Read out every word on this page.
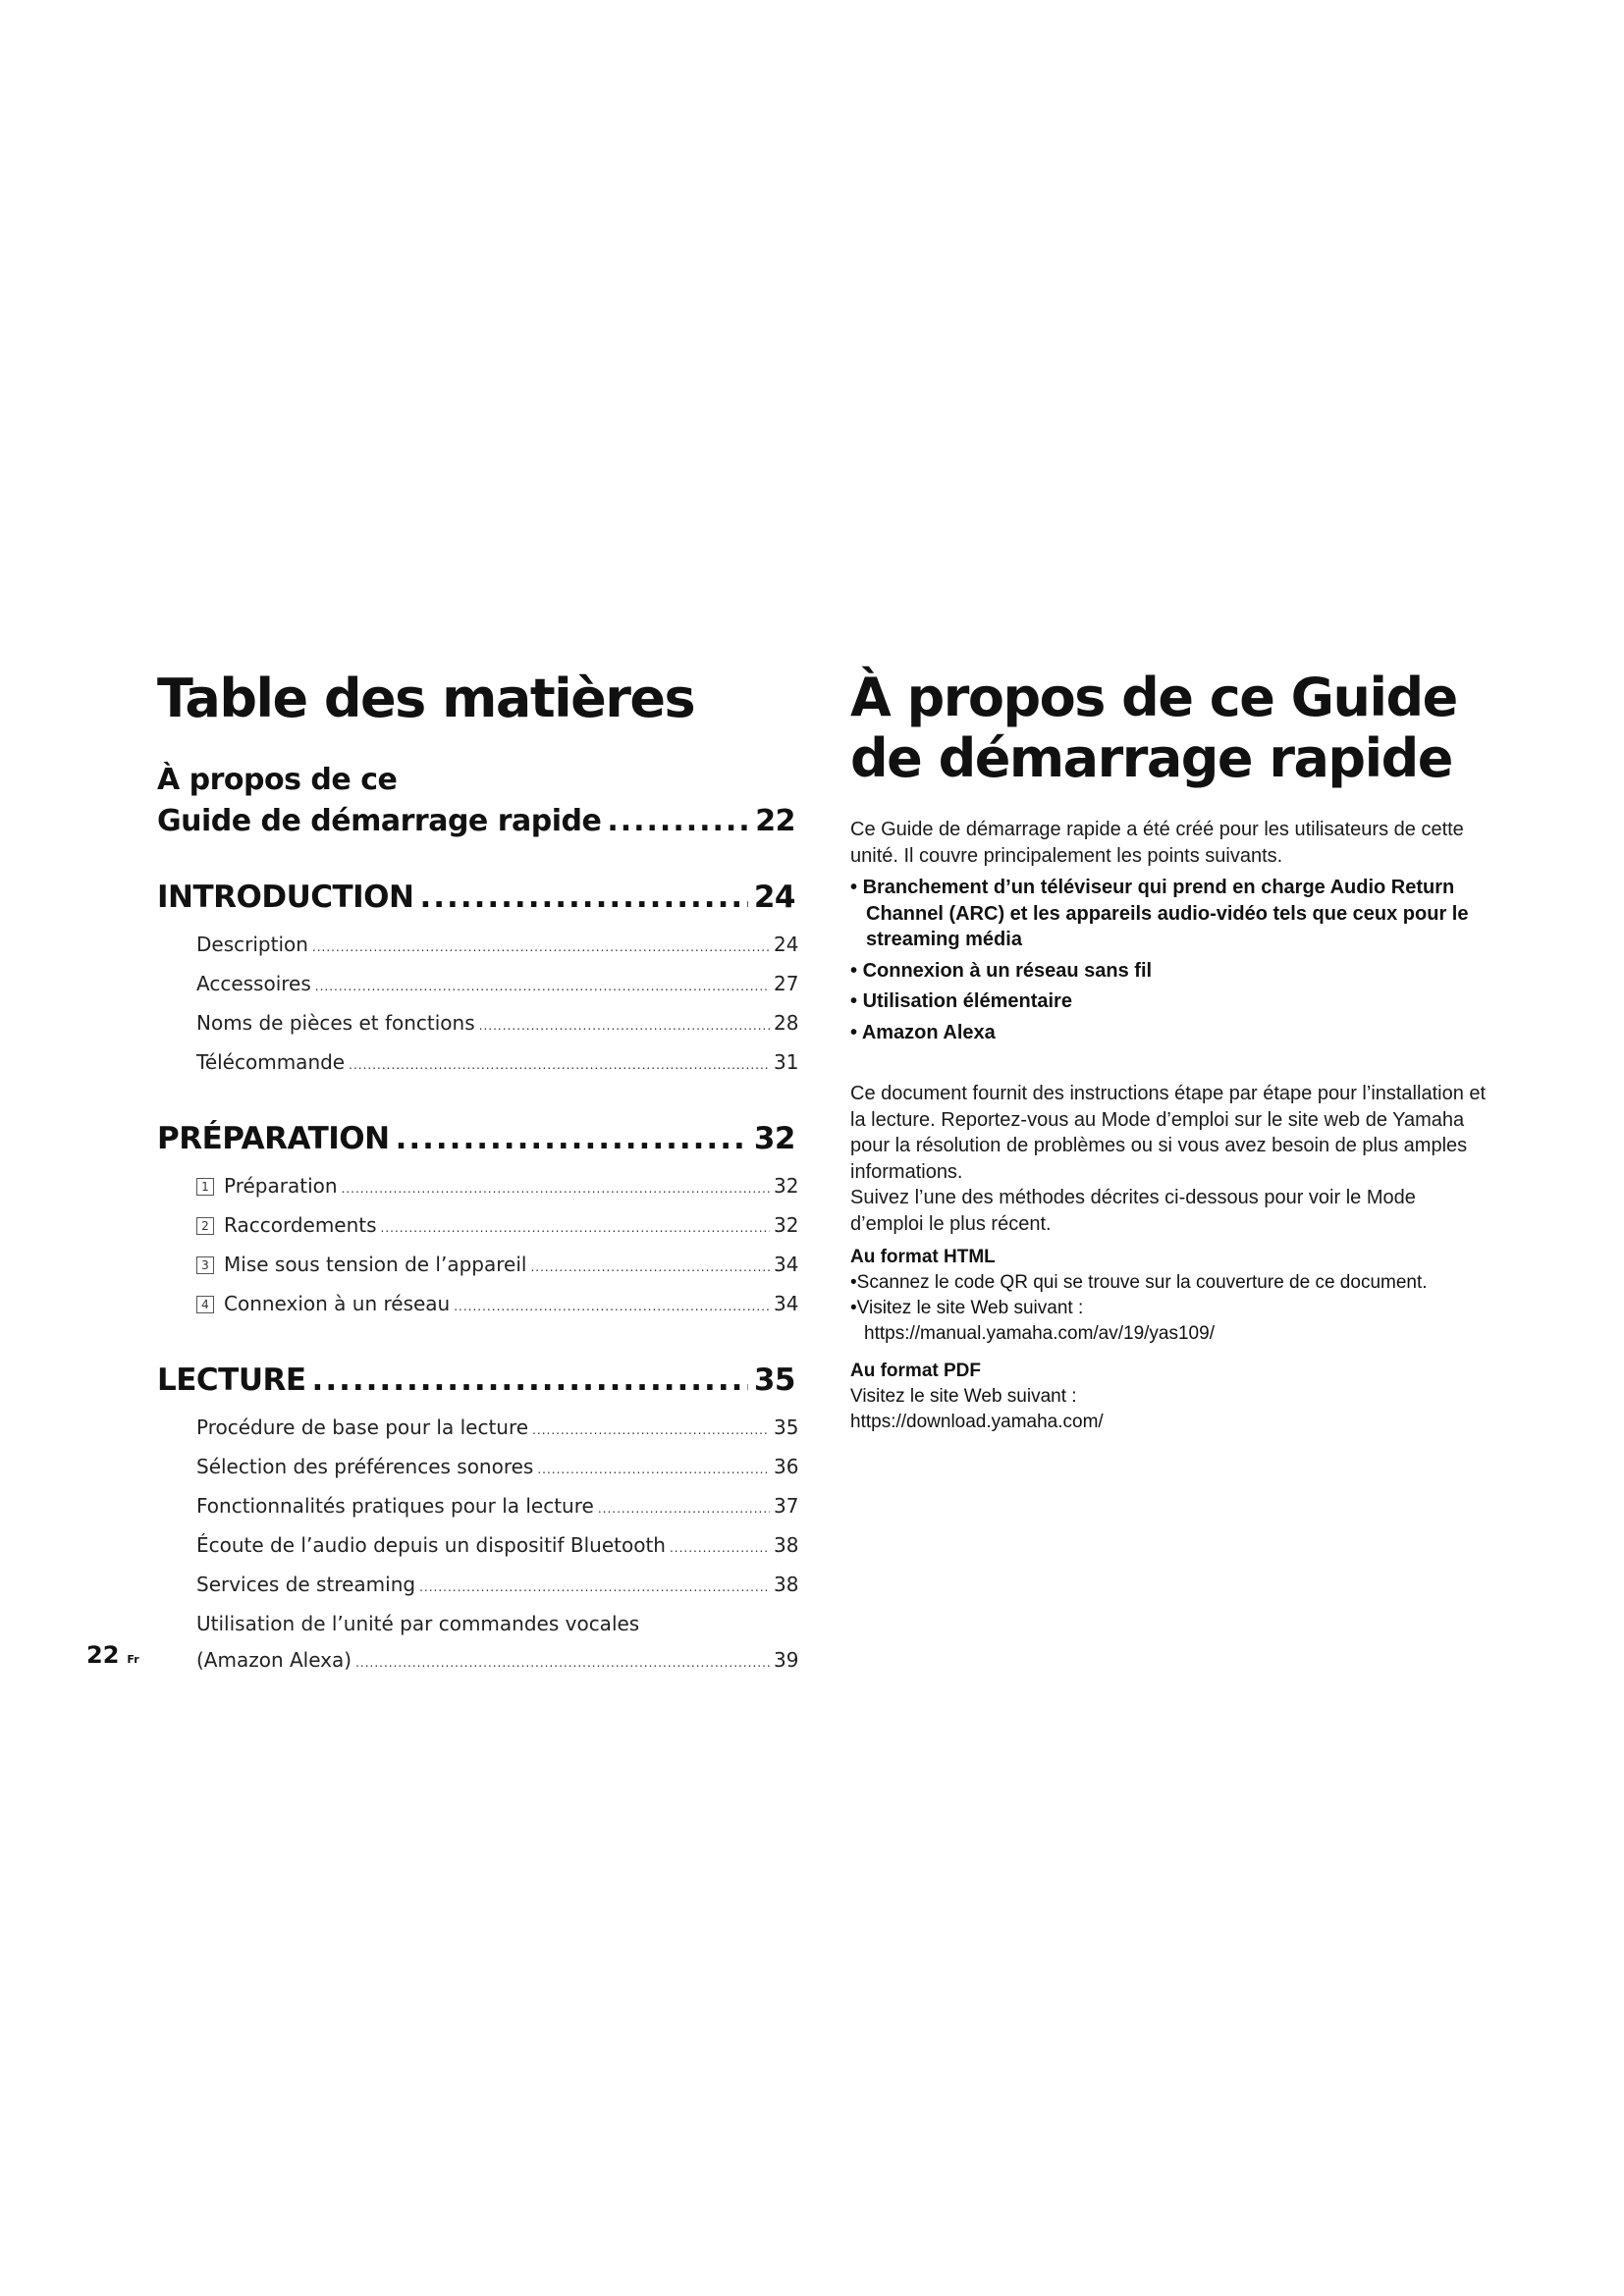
Table des matières
À propos de ce
Guide de démarrage rapide .....	22
INTRODUCTION .....	24
Description .....	24
Accessoires .....	27
Noms de pièces et fonctions .....	28
Télécommande .....	31
PRÉPARATION .....	32
1 Préparation .....	32
2 Raccordements .....	32
3 Mise sous tension de l’appareil .....	34
4 Connexion à un réseau .....	34
LECTURE .....	35
Procédure de base pour la lecture .....	35
Sélection des préférences sonores .....	36
Fonctionnalités pratiques pour la lecture .....	37
Écoute de l’audio depuis un dispositif Bluetooth .....	38
Services de streaming .....	38
Utilisation de l’unité par commandes vocales
(Amazon Alexa) .....	39
À propos de ce Guide
de démarrage rapide

Ce Guide de démarrage rapide a été créé pour les utilisateurs de cette unité. Il couvre principalement les points suivants.

• Branchement d’un téléviseur qui prend en charge Audio Return Channel (ARC) et les appareils audio-vidéo tels que ceux pour le streaming média
• Connexion à un réseau sans fil
• Utilisation élémentaire
• Amazon Alexa

Ce document fournit des instructions étape par étape pour l’installation et la lecture. Reportez-vous au Mode d’emploi sur le site web de Yamaha pour la résolution de problèmes ou si vous avez besoin de plus amples informations.

Suivez l’une des méthodes décrites ci-dessous pour voir le Mode d’emploi le plus récent.

Au format HTML

• Scannez le code QR qui se trouve sur la couverture de ce document.
• Visitez le site Web suivant :
https://manual.yamaha.com/av/19/yas109/

Au format PDF

Visitez le site Web suivant :

https://download.yamaha.com/

22 Fr
